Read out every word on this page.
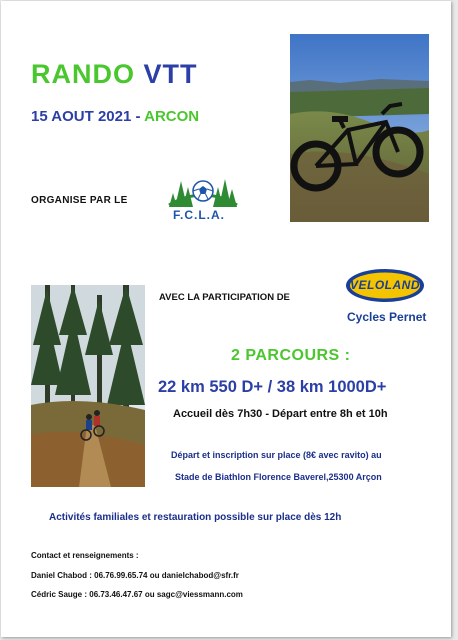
RANDO VTT
15 AOUT 2021 - ARCON
ORGANISE PAR LE
F.C.L.A.
AVEC LA PARTICIPATION DE
VELOLAND
Cycles Pernet
2 PARCOURS :
22 km 550 D+ / 38 km 1000D+
Accueil dès 7h30 - Départ entre 8h et 10h
Départ et inscription sur place (8€ avec ravito) au
Stade de Biathlon Florence Baverel,25300 Arçon
Activités familiales et restauration possible sur place dès 12h
Contact et renseignements :
Daniel Chabod : 06.76.99.65.74 ou danielchabod@sfr.fr
Cédric Sauge : 06.73.46.47.67 ou sagc@viessmann.com
